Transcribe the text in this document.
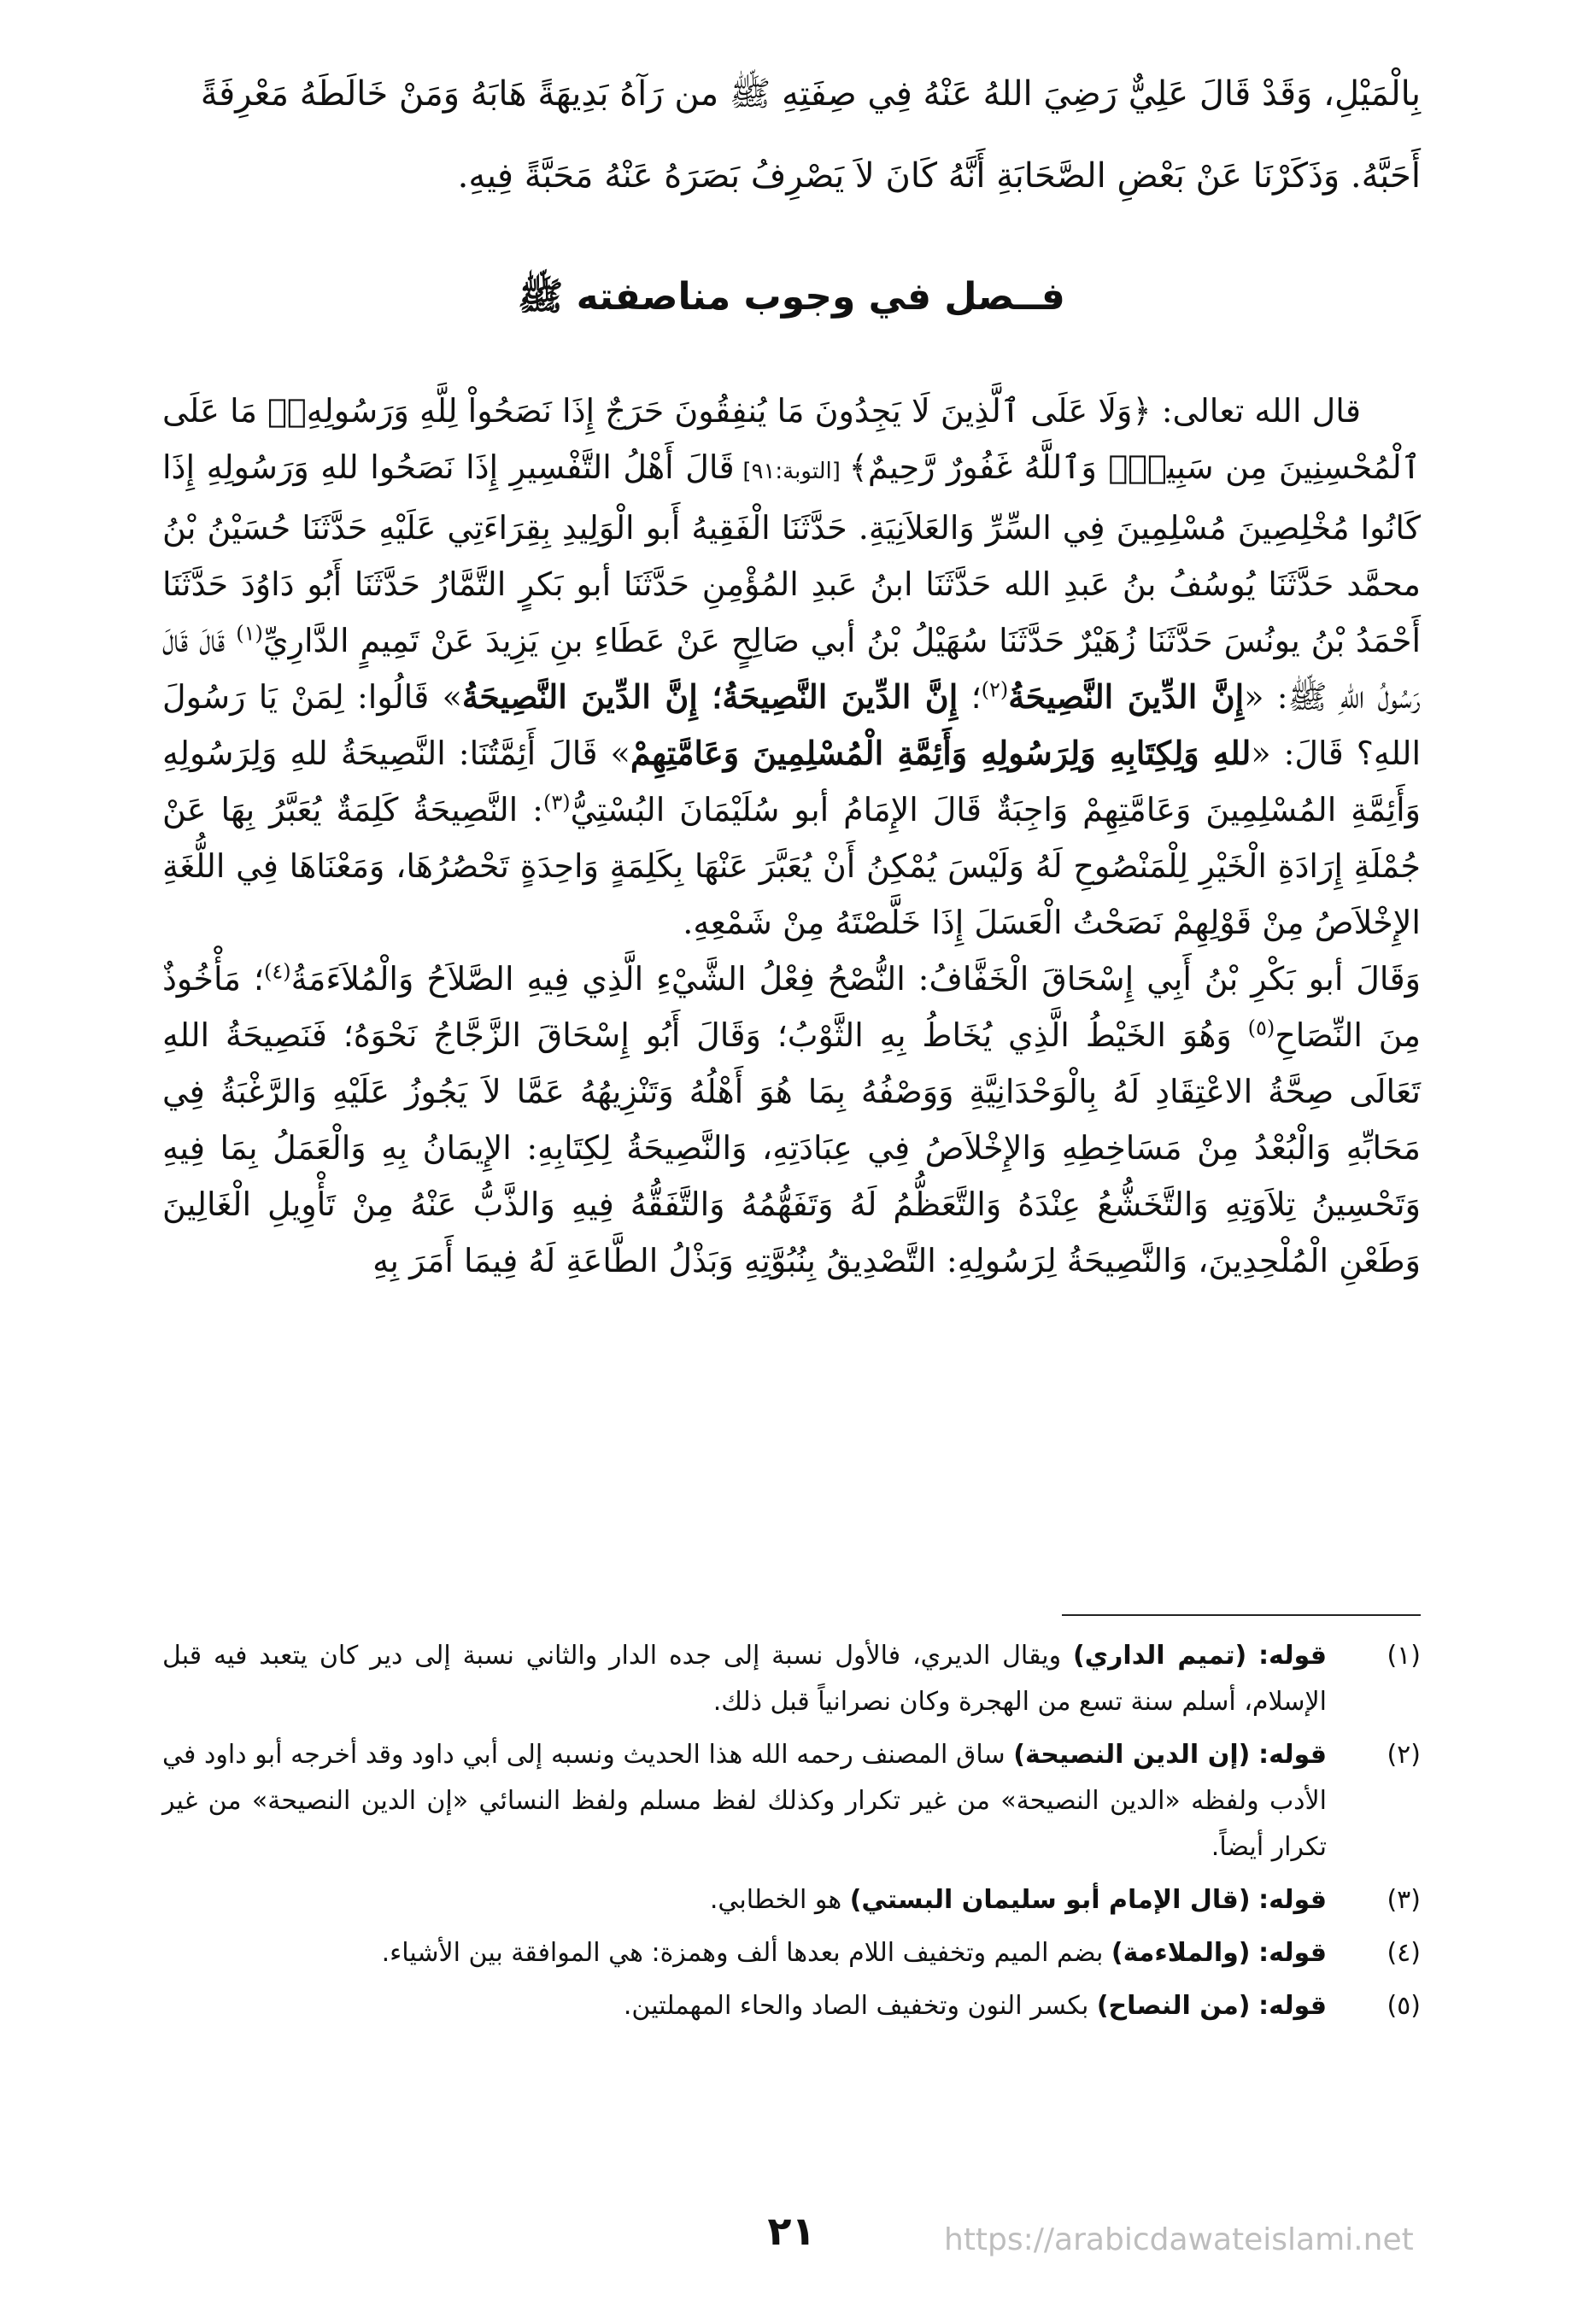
بِالْمَيْلِ، وَقَدْ قَالَ عَلِيٌّ رَضِيَ اللهُ عَنْهُ فِي صِفَتِهِ ﷺ من رَآهُ بَدِيهَةً هَابَهُ وَمَنْ خَالَطَهُ مَعْرِفَةً

أَحَبَّهُ. وَذَكَرْنَا عَنْ بَعْضِ الصَّحَابَةِ أَنَّهُ كَانَ لاَ يَصْرِفُ بَصَرَهُ عَنْهُ مَحَبَّةً فِيهِ.

فــصل في وجوب مناصفته ﷺ

قال الله تعالى: ﴿وَلَا عَلَى ٱلَّذِينَ لَا يَجِدُونَ مَا يُنفِقُونَ حَرَجٌ إِذَا نَصَحُواْ لِلَّهِ وَرَسُولِهِۦۚ مَا عَلَى ٱلْمُحْسِنِينَ مِن سَبِيلٍۚ وَٱللَّهُ غَفُورٌ رَّحِيمٌ﴾ [التوبة:٩١] قَالَ أَهْلُ التَّفْسِيرِ إِذَا نَصَحُوا للهِ وَرَسُولِهِ إِذَا كَانُوا مُخْلِصِينَ مُسْلِمِينَ فِي السِّرِّ وَالعَلاَنِيَةِ. حَدَّثَنَا الْفَقِيهُ أَبو الْوَلِيدِ بِقِرَاءَتِي عَلَيْهِ حَدَّثَنَا حُسَيْنُ بْنُ محمَّد حَدَّثَنَا يُوسُفُ بنُ عَبدِ الله حَدَّثَنَا ابنُ عَبدِ المُؤْمِنِ حَدَّثَنَا أبو بَكرٍ التَّمَّارُ حَدَّثَنَا أَبُو دَاوُدَ حَدَّثَنَا أَحْمَدُ بْنُ يونُسَ حَدَّثَنَا زُهَيْرٌ حَدَّثَنَا سُهَيْلُ بْنُ أبي صَالِحٍ عَنْ عَطَاءِ بنِ يَزِيدَ عَنْ تَمِيمٍ الدَّارِيِّ$^{(١)}$ قَالَ قَالَ رَسُولُ اللهِ ﷺ: «إِنَّ الدِّينَ النَّصِيحَةُ$^{(٢)}$؛ إِنَّ الدِّينَ النَّصِيحَةُ؛ إِنَّ الدِّينَ النَّصِيحَةُ» قَالُوا: لِمَنْ يَا رَسُولَ اللهِ؟ قَالَ: «للهِ وَلِكِتَابِهِ وَلِرَسُولِهِ وَأَئِمَّةِ الْمُسْلِمِينَ وَعَامَّتِهِمْ» قَالَ أَئِمَّتُنَا: النَّصِيحَةُ للهِ وَلِرَسُولِهِ وَأَئِمَّةِ المُسْلِمِينَ وَعَامَّتِهِمْ وَاجِبَةٌ قَالَ الإِمَامُ أبو سُلَيْمَانَ البُسْتِيُّ$^{(٣)}$: النَّصِيحَةُ كَلِمَةٌ يُعَبَّرُ بِهَا عَنْ جُمْلَةِ إِرَادَةِ الْخَيْرِ لِلْمَنْصُوحِ لَهُ وَلَيْسَ يُمْكِنُ أَنْ يُعَبَّرَ عَنْهَا بِكَلِمَةٍ وَاحِدَةٍ تَحْصُرُهَا، وَمَعْنَاهَا فِي اللُّغَةِ الإِخْلاَصُ مِنْ قَوْلِهِمْ نَصَحْتُ الْعَسَلَ إِذَا خَلَّصْتَهُ مِنْ شَمْعِهِ.

وَقَالَ أبو بَكْرِ بْنُ أَبِي إِسْحَاقَ الْخَفَّافُ: النُّصْحُ فِعْلُ الشَّيْءِ الَّذِي فِيهِ الصَّلاَحُ وَالْمُلاَءَمَةُ$^{(٤)}$؛ مَأْخُوذٌ مِنَ النِّصَاحِ$^{(٥)}$ وَهُوَ الخَيْطُ الَّذِي يُخَاطُ بِهِ الثَّوْبُ؛ وَقَالَ أَبُو إِسْحَاقَ الزَّجَّاجُ نَحْوَهُ؛ فَنَصِيحَةُ اللهِ تَعَالَى صِحَّةُ الاعْتِقَادِ لَهُ بِالْوَحْدَانِيَّةِ وَوَصْفُهُ بِمَا هُوَ أَهْلُهُ وَتَنْزِيهُهُ عَمَّا لاَ يَجُوزُ عَلَيْهِ وَالرَّغْبَةُ فِي مَحَابِّهِ وَالْبُعْدُ مِنْ مَسَاخِطِهِ وَالإِخْلاَصُ فِي عِبَادَتِهِ، وَالنَّصِيحَةُ لِكِتَابِهِ: الإِيمَانُ بِهِ وَالْعَمَلُ بِمَا فِيهِ وَتَحْسِينُ تِلاَوَتِهِ وَالتَّخَشُّعُ عِنْدَهُ وَالتَّعَظُّمُ لَهُ وَتَفَهُّمُهُ وَالتَّفَقُّهُ فِيهِ وَالذَّبُّ عَنْهُ مِنْ تَأْوِيلِ الْغَالِينَ وَطَعْنِ الْمُلْحِدِينَ، وَالنَّصِيحَةُ لِرَسُولِهِ: التَّصْدِيقُ بِنُبُوَّتِهِ وَبَذْلُ الطَّاعَةِ لَهُ فِيمَا أَمَرَ بِهِ

(١)
قوله: (تميم الداري) ويقال الديري، فالأول نسبة إلى جده الدار والثاني نسبة إلى دير كان يتعبد فيه قبل الإسلام، أسلم سنة تسع من الهجرة وكان نصرانياً قبل ذلك.
(٢)
قوله: (إن الدين النصيحة) ساق المصنف رحمه الله هذا الحديث ونسبه إلى أبي داود وقد أخرجه أبو داود في الأدب ولفظه «الدين النصيحة» من غير تكرار وكذلك لفظ مسلم ولفظ النسائي «إن الدين النصيحة» من غير تكرار أيضاً.
(٣)
قوله: (قال الإمام أبو سليمان البستي) هو الخطابي.
(٤)
قوله: (والملاءمة) بضم الميم وتخفيف اللام بعدها ألف وهمزة: هي الموافقة بين الأشياء.
(٥)
قوله: (من النصاح) بكسر النون وتخفيف الصاد والحاء المهملتين.
٢١	https://arabicdawateislami.net
